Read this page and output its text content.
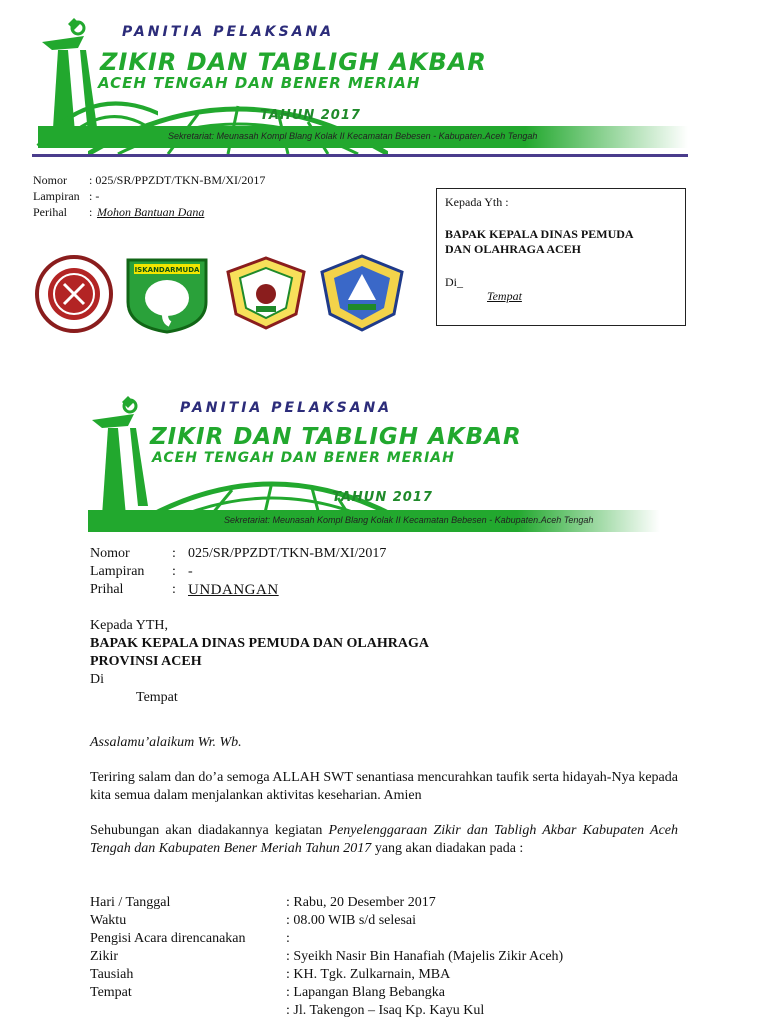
PANITIA PELAKSANA
ZIKIR DAN TABLIGH AKBAR
ACEH TENGAH DAN BENER MERIAH
TAHUN 2017
Sekretariat: Meunasah Kompl Blang Kolak II Kecamatan Bebesen - Kabupaten.Aceh Tengah
Nomor	: 025/SR/PPZDT/TKN-BM/XI/2017
Lampiran : -
Perihal	: Mohon Bantuan Dana
Kepada Yth :
BAPAK KEPALA DINAS PEMUDA
DAN OLAHRAGA ACEH
Di_
Tempat
ISKANDARMUDA
PANITIA PELAKSANA
ZIKIR DAN TABLIGH AKBAR
ACEH TENGAH DAN BENER MERIAH
TAHUN 2017
Sekretariat: Meunasah Kompl Blang Kolak II Kecamatan Bebesen - Kabupaten.Aceh Tengah
Nomor	: 025/SR/PPZDT/TKN-BM/XI/2017
Lampiran	: -
Prihal	: UNDANGAN
Kepada YTH,
BAPAK KEPALA DINAS PEMUDA DAN OLAHRAGA
PROVINSI ACEH
Di
Tempat
Assalamu’alaikum Wr. Wb.
Teriring salam dan do’a semoga ALLAH SWT senantiasa mencurahkan taufik serta hidayah-Nya kepada kita semua dalam menjalankan aktivitas keseharian. Amien
Sehubungan akan diadakannya kegiatan Penyelenggaraan Zikir dan Tabligh Akbar Kabupaten Aceh Tengah dan Kabupaten Bener Meriah Tahun 2017 yang akan diadakan pada :
Hari / Tanggal	: Rabu, 20 Desember 2017
Waktu	: 08.00 WIB s/d selesai
Pengisi Acara direncanakan	:
Zikir	: Syeikh Nasir Bin Hanafiah (Majelis Zikir Aceh)
Tausiah	: KH. Tgk. Zulkarnain, MBA
Tempat	: Lapangan Blang Bebangka
: Jl. Takengon – Isaq Kp. Kayu Kul
